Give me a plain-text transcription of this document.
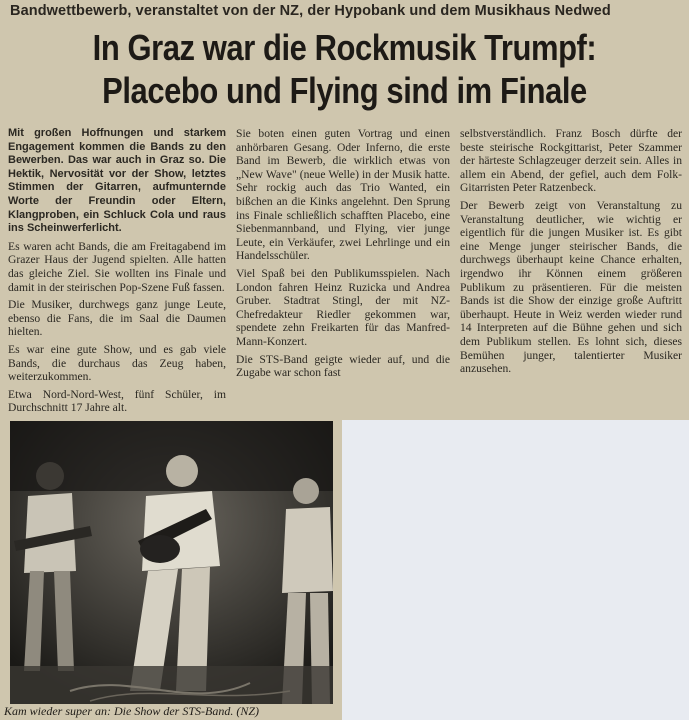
Bandwettbewerb, veranstaltet von der NZ, der Hypobank und dem Musikhaus Nedwed
In Graz war die Rockmusik Trumpf:
Placebo und Flying sind im Finale

Mit großen Hoffnungen und starkem Engagement kommen die Bands zu den Bewerben. Das war auch in Graz so. Die Hektik, Nervosität vor der Show, letztes Stimmen der Gitarren, aufmunternde Worte der Freundin oder Eltern, Klangproben, ein Schluck Cola und raus ins Scheinwerferlicht.

Es waren acht Bands, die am Freitagabend im Grazer Haus der Jugend spielten. Alle hatten das gleiche Ziel. Sie wollten ins Finale und damit in der steirischen Pop-Szene Fuß fassen.

Die Musiker, durchwegs ganz junge Leute, ebenso die Fans, die im Saal die Daumen hielten.

Es war eine gute Show, und es gab viele Bands, die durchaus das Zeug haben, weiterzukommen.

Etwa Nord-Nord-West, fünf Schüler, im Durchschnitt 17 Jahre alt.

Sie boten einen guten Vortrag und einen anhörbaren Gesang. Oder Inferno, die erste Band im Bewerb, die wirklich etwas von „New Wave" (neue Welle) in der Musik hatte. Sehr rockig auch das Trio Wanted, ein bißchen an die Kinks angelehnt. Den Sprung ins Finale schließlich schafften Placebo, eine Siebenmannband, und Flying, vier junge Leute, ein Verkäufer, zwei Lehrlinge und ein Handelsschüler.

Viel Spaß bei den Publikumsspielen. Nach London fahren Heinz Ruzicka und Andrea Gruber. Stadtrat Stingl, der mit NZ-Chefredakteur Riedler gekommen war, spendete zehn Freikarten für das Manfred-Mann-Konzert.

Die STS-Band geigte wieder auf, und die Zugabe war schon fast

selbstverständlich. Franz Bosch dürfte der beste steirische Rockgittarist, Peter Szammer der härteste Schlagzeuger derzeit sein. Alles in allem ein Abend, der gefiel, auch dem Folk-Gitarristen Peter Ratzenbeck.

Der Bewerb zeigt von Veranstaltung zu Veranstaltung deutlicher, wie wichtig er eigentlich für die jungen Musiker ist. Es gibt eine Menge junger steirischer Bands, die durchwegs überhaupt keine Chance erhalten, irgendwo ihr Können einem größeren Publikum zu präsentieren. Für die meisten Bands ist die Show der einzige große Auftritt überhaupt. Heute in Weiz werden wieder rund 14 Interpreten auf die Bühne gehen und sich dem Publikum stellen. Es lohnt sich, dieses Bemühen junger, talentierter Musiker anzusehen.

Kam wieder super an: Die Show der STS-Band. (NZ)
